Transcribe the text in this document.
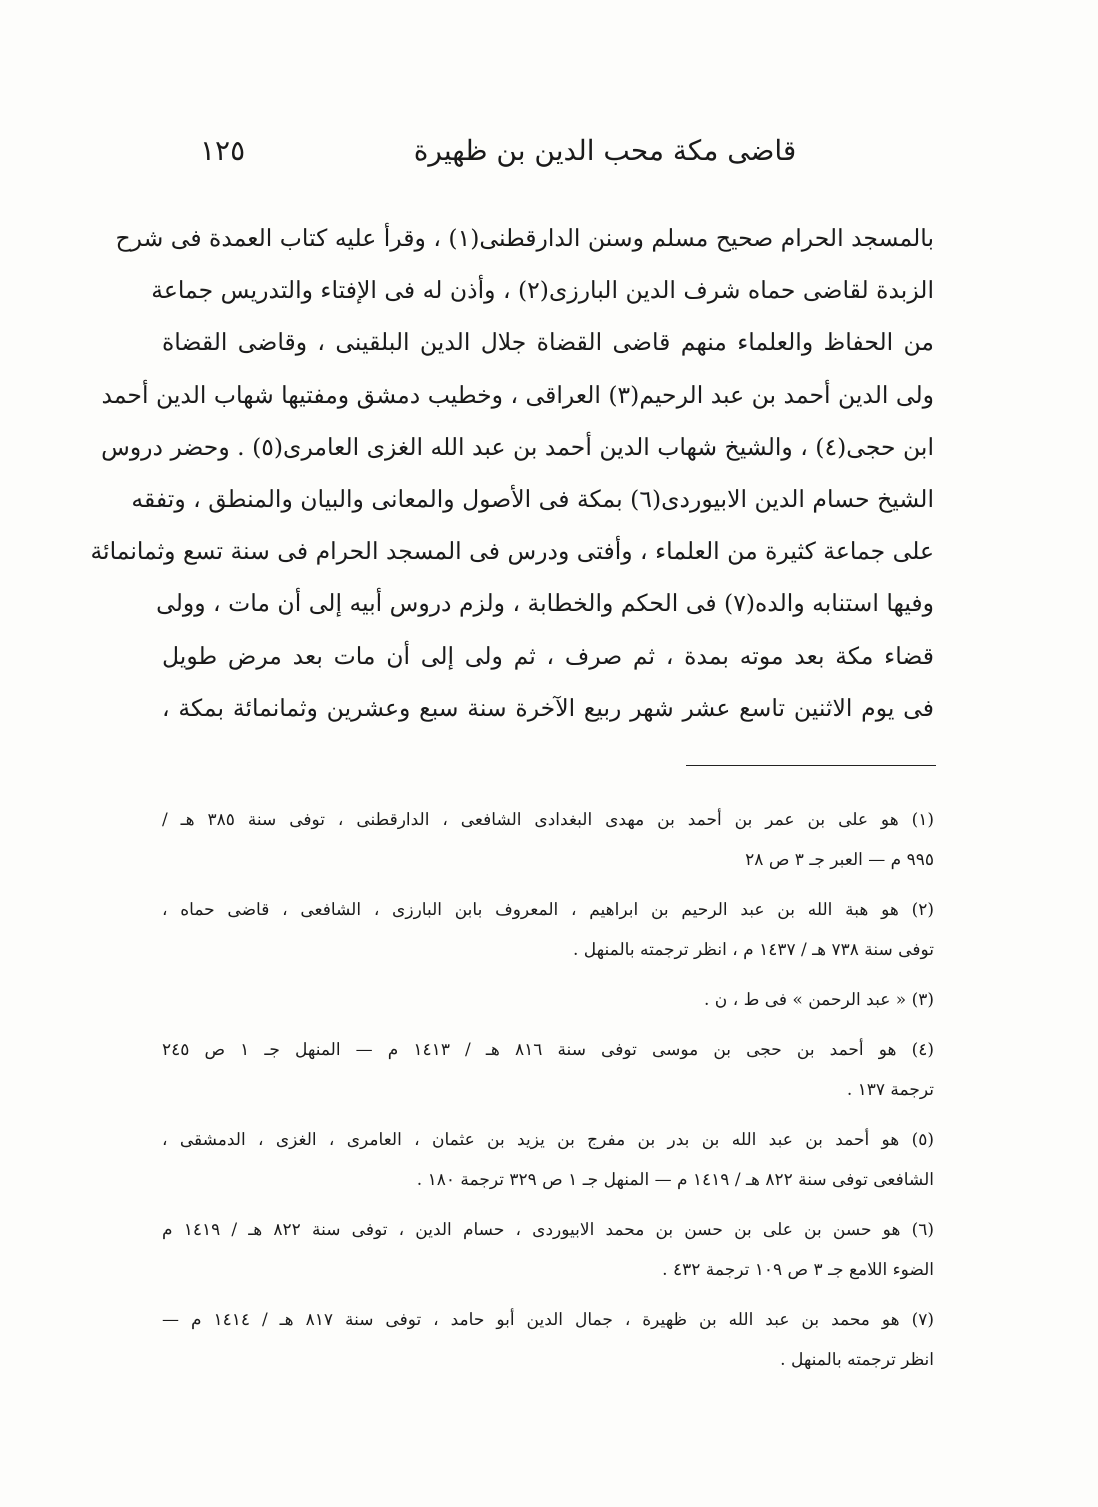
قاضى مكة محب الدين بن ظهيرة
١٢٥
بالمسجد الحرام صحيح مسلم وسنن الدارقطنى(١) ، وقرأ عليه كتاب العمدة فى شرح
الزبدة لقاضى حماه شرف الدين البارزى(٢) ، وأذن له فى الإفتاء والتدريس جماعة
من الحفاظ والعلماء منهم قاضى القضاة جلال الدين البلقينى ، وقاضى القضاة
ولى الدين أحمد بن عبد الرحيم(٣) العراقى ، وخطيب دمشق ومفتيها شهاب الدين أحمد
ابن حجى(٤) ، والشيخ شهاب الدين أحمد بن عبد الله الغزى العامرى(٥) . وحضر دروس
الشيخ حسام الدين الابيوردى(٦) بمكة فى الأصول والمعانى والبيان والمنطق ، وتفقه
على جماعة كثيرة من العلماء ، وأفتى ودرس فى المسجد الحرام فى سنة تسع وثمانمائة
وفيها استنابه والده(٧) فى الحكم والخطابة ، ولزم دروس أبيه إلى أن مات ، وولى
قضاء مكة بعد موته بمدة ، ثم صرف ، ثم ولى إلى أن مات بعد مرض طويل
فى يوم الاثنين تاسع عشر شهر ربيع الآخرة سنة سبع وعشرين وثمانمائة بمكة ،
(١) هو على بن عمر بن أحمد بن مهدى البغدادى الشافعى ، الدارقطنى ، توفى سنة ٣٨٥ هـ /
٩٩٥ م — العبر جـ ٣ ص ٢٨
(٢) هو هبة الله بن عبد الرحيم بن ابراهيم ، المعروف بابن البارزى ، الشافعى ، قاضى حماه ،
توفى سنة ٧٣٨ هـ / ١٤٣٧ م ، انظر ترجمته بالمنهل .
(٣) « عبد الرحمن » فى ط ، ن .
(٤) هو أحمد بن حجى بن موسى توفى سنة ٨١٦ هـ / ١٤١٣ م — المنهل جـ ١ ص ٢٤٥
ترجمة ١٣٧ .
(٥) هو أحمد بن عبد الله بن بدر بن مفرج بن يزيد بن عثمان ، العامرى ، الغزى ، الدمشقى ،
الشافعى توفى سنة ٨٢٢ هـ / ١٤١٩ م — المنهل جـ ١ ص ٣٢٩ ترجمة ١٨٠ .
(٦) هو حسن بن على بن حسن بن محمد الابيوردى ، حسام الدين ، توفى سنة ٨٢٢ هـ / ١٤١٩ م
الضوء اللامع جـ ٣ ص ١٠٩ ترجمة ٤٣٢ .
(٧) هو محمد بن عبد الله بن ظهيرة ، جمال الدين أبو حامد ، توفى سنة ٨١٧ هـ / ١٤١٤ م —
انظر ترجمته بالمنهل .
